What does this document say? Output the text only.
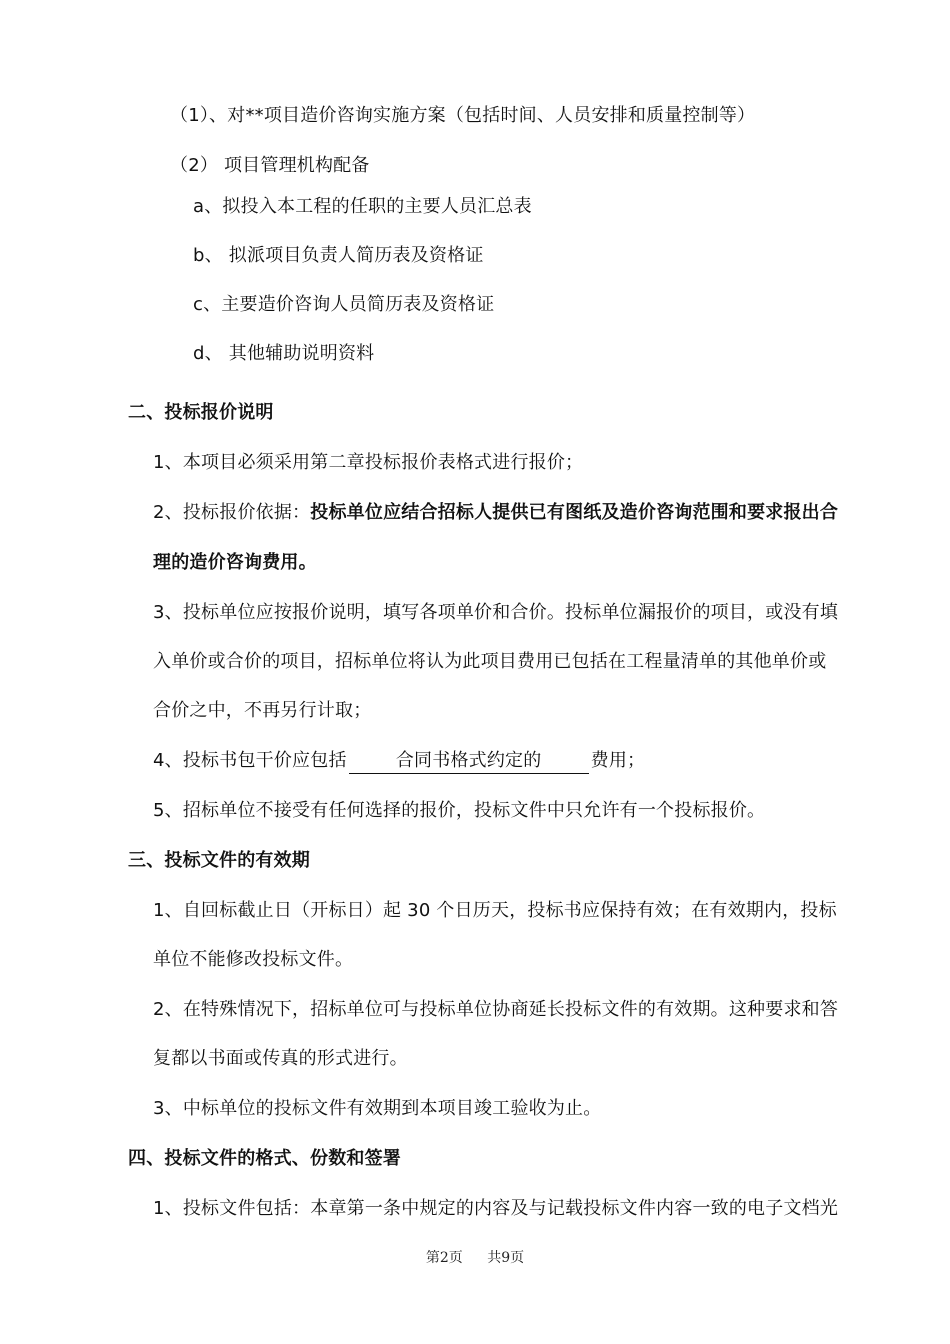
（1）、对**项目造价咨询实施方案（包括时间、人员安排和质量控制等）
（2） 项目管理机构配备
a、拟投入本工程的任职的主要人员汇总表
b、 拟派项目负责人简历表及资格证
c、主要造价咨询人员简历表及资格证
d、 其他辅助说明资料
二、投标报价说明
1、本项目必须采用第二章投标报价表格式进行报价；
2、投标报价依据：投标单位应结合招标人提供已有图纸及造价咨询范围和要求报出合
理的造价咨询费用。
3、投标单位应按报价说明，填写各项单价和合价。投标单位漏报价的项目，或没有填
入单价或合价的项目，招标单位将认为此项目费用已包括在工程量清单的其他单价或
合价之中，不再另行计取；
4、投标书包干价应包括	合同书格式约定的	费用；
5、招标单位不接受有任何选择的报价，投标文件中只允许有一个投标报价。
三、投标文件的有效期
1、自回标截止日（开标日）起 30 个日历天，投标书应保持有效；在有效期内，投标
单位不能修改投标文件。
2、在特殊情况下，招标单位可与投标单位协商延长投标文件的有效期。这种要求和答
复都以书面或传真的形式进行。
3、中标单位的投标文件有效期到本项目竣工验收为止。
四、投标文件的格式、份数和签署
1、投标文件包括：本章第一条中规定的内容及与记载投标文件内容一致的电子文档光
第2页 共9页
